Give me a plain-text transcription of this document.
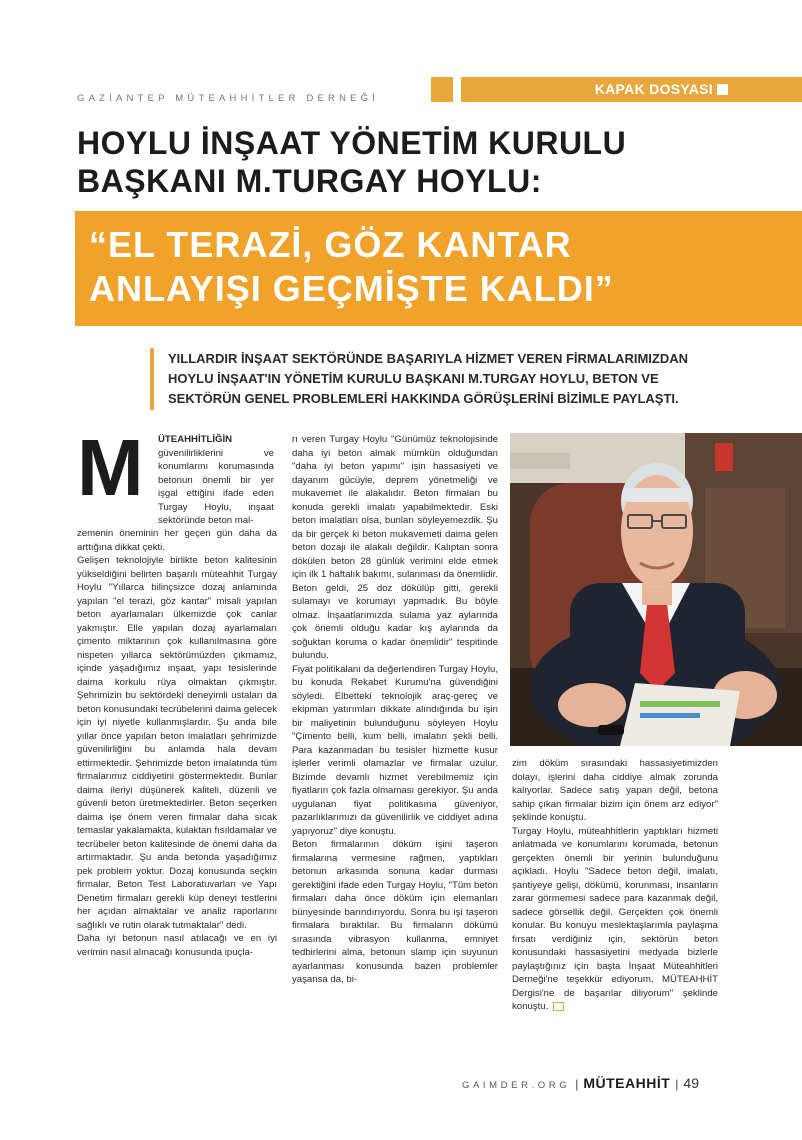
GAZİANTEP MÜTEAHHİTLER DERNEĞİ
KAPAK DOSYASI
HOYLU İNŞAAT YÖNETİM KURULU
BAŞKANI M.TURGAY HOYLU:
“EL TERAZİ, GÖZ KANTAR
ANLAYIŞI GEÇMİŞTE KALDI”
YILLARDIR İNŞAAT SEKTÖRÜNDE BAŞARIYLA HİZMET VEREN FİRMALARIMIZDAN
HOYLU İNŞAAT'IN YÖNETİM KURULU BAŞKANI M.TURGAY HOYLU, BETON VE
SEKTÖRÜN GENEL PROBLEMLERİ HAKKINDA GÖRÜŞLERİNİ BİZİMLE PAYLAŞTI.
M ÜTEAHHİTLİĞİN güvenilirliklerini ve konumlarını korumasında betonun önemli bir yer işgal ettiğini ifade eden Turgay Hoylu, inşaat sektöründe beton mal-

zemenin öneminin her geçen gün daha da arttığına dikkat çekti.

Gelişen teknolojiyle birlikte beton kalitesinin yükseldiğini belirten başarılı müteahhit Turgay Hoylu "Yıllarca bilinçsizce dozaj anlamında yapılan "el terazi, göz kantar" misali yapılan beton ayarlamaları ülkemizde çok canlar yakmıştır. Elle yapılan dozaj ayarlamaları çimento miktarının çok kullanılmasına göre nispeten yıllarca sektörümüzden çıkmamız, içinde yaşadığımız inşaat, yapı tesislerinde daima korkulu rüya olmaktan çıkmıştır. Şehrimizin bu sektördeki deneyimli ustaları da beton konusundaki tecrübelerini daima gelecek için iyi niyetle kullanmışlardır. Şu anda bile yıllar önce yapılan beton imalatları şehrimizde güvenilirliğini bu anlamda hala devam ettirmektedir. Şehrimizde beton imalatında tüm firmalarımız ciddiyetini göstermektedir. Bunlar daima ileriyi düşünerek kaliteli, düzenli ve güvenli beton üretmektedirler. Beton seçerken daima işe önem veren firmalar daha sıcak temaslar yakalamakta, kulaktan fısıldamalar ve tecrübeler beton kalitesinde de önemi daha da artırmaktadır. Şu anda betonda yaşadığımız pek problem yoktur. Dozaj konusunda seçkin firmalar, Beton Test Laboratuvarları ve Yapı Denetim firmaları gerekli küp deneyi testlerini her açıdan almaktalar ve analiz raporlarını sağlıklı ve rutin olarak tutmaktalar" dedi.

Daha iyi betonun nasıl atılacağı ve en iyi verimin nasıl alınacağı konusunda ipuçla-

rı veren Turgay Hoylu "Günümüz teknolojisinde daha iyi beton almak mümkün olduğundan "daha iyi beton yapımı" işin hassasiyeti ve dayanım gücüyle, deprem yönetmeliği ve mukavemet ile alakalıdır. Beton firmaları bu konuda gerekli imalatı yapabilmektedir. Eski beton imalatları olsa, bunları söyleyemezdik. Şu da bir gerçek ki beton mukavemeti daima gelen beton dozajı ile alakalı değildir. Kalıptan sonra dökülen beton 28 günlük verimini elde etmek için ilk 1 haftalık bakımı, sulanması da önemlidir. Beton geldi, 25 doz dökülüp gitti, gerekli sulamayı ve korumayı yapmadık. Bu böyle olmaz. İnşaatlarımızda sulama yaz aylarında çok önemli olduğu kadar kış aylarında da soğuktan koruma o kadar önemlidir" tespitinde bulundu.

Fiyat politikalanı da değerlendiren Turgay Hoylu, bu konuda Rekabet Kurumu'na güvendiğini söyledi. Elbetteki teknolojik araç-gereç ve ekipman yatırımları dikkate alındığında bu işin bir maliyetinin bulunduğunu söyleyen Hoylu "Çimento belli, kum belli, imalatın şekli belli. Para kazanmadan bu tesisler hizmette kusur işlerler verimli olamazlar ve firmalar uzulur. Bizimde devamlı hizmet verebilmemiz için fiyatların çok fazla olmaması gerekiyor. Şu anda uygulanan fiyat politikasına güveniyor, pazarlıklarımızı da güvenilirlik ve ciddiyet adına yapıyoruz" diye konuştu.

Beton firmalarının döküm işini taşeron firmalarına vermesine rağmen, yaptıkları betonun arkasında sonuna kadar durması gerektiğini ifade eden Turgay Hoylu, "Tüm beton firmaları daha önce döküm için elemanları bünyesinde barındırıyordu. Sonra bu işi taşeron firmalara bıraktılar. Bu firmaların dökümü sırasında vibrasyon kullanma, emniyet tedbirlerini alma, betonun slamp için suyunun ayarlanması konusunda bazen problemler yaşansa da, bi-

zim döküm sırasındaki hassasiyetimizden dolayı, işlerini daha ciddiye almak zorunda kalıyorlar. Sadece satış yapan değil, betona sahip çıkan firmalar bizim için önem arz ediyor" şeklinde konuştu.

Turgay Hoylu, müteahhitlerin yaptıkları hizmeti anlatmada ve konumlarını korumada, betonun gerçekten önemli bir yerinin bulunduğunu açıkladı. Hoylu "Sadece beton değil, imalatı, şantiyeye gelişi, dökümü, korunması, insanların zarar görmemesi sadece para kazanmak değil, sadece görsellik değil. Gerçekten çok önemli konular. Bu konuyu meslektaşlarımla paylaşma fırsatı verdiğiniz için, sektörün beton konusundaki hassasiyetini medyada bizlerle paylaştığınız için başta İnşaat Müteahhitleri Derneği'ne teşekkür ediyorum, MÜTEAHHİT Dergisi'ne de başarılar diliyorum" şeklinde konuştu.

GAIMDER.ORG | MÜTEAHHİT | 49
